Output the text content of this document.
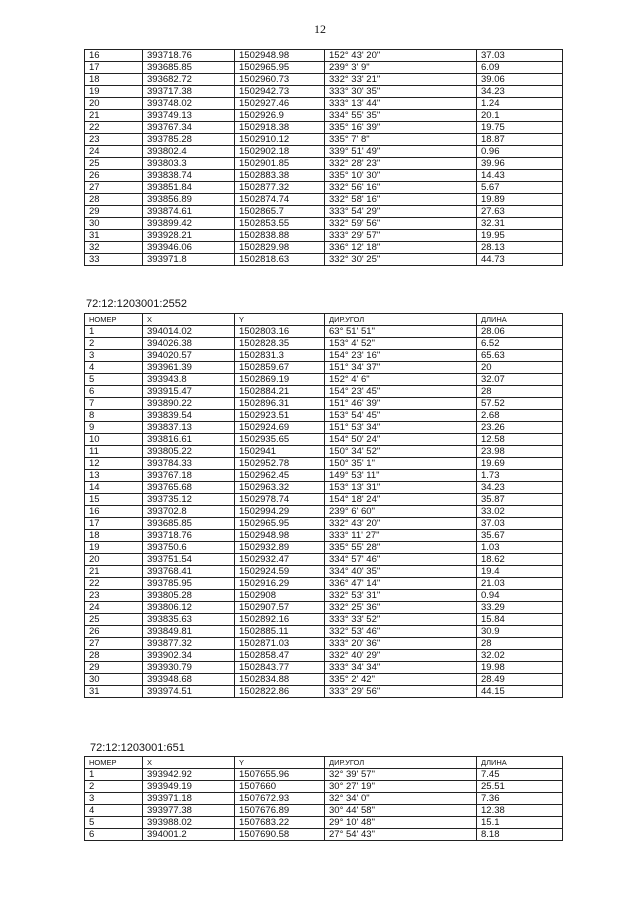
12
16	393718.76	1502948.98	152° 43' 20"	37.03
17	393685.85	1502965.95	239° 3' 9"	6.09
18	393682.72	1502960.73	332° 33' 21"	39.06
19	393717.38	1502942.73	333° 30' 35"	34.23
20	393748.02	1502927.46	333° 13' 44"	1.24
21	393749.13	1502926.9	334° 55' 35"	20.1
22	393767.34	1502918.38	335° 16' 39"	19.75
23	393785.28	1502910.12	335° 7' 8"	18.87
24	393802.4	1502902.18	339° 51' 49"	0.96
25	393803.3	1502901.85	332° 28' 23"	39.96
26	393838.74	1502883.38	335° 10' 30"	14.43
27	393851.84	1502877.32	332° 56' 16"	5.67
28	393856.89	1502874.74	332° 58' 16"	19.89
29	393874.61	1502865.7	333° 54' 29"	27.63
30	393899.42	1502853.55	332° 59' 56"	32.31
31	393928.21	1502838.88	333° 29' 57"	19.95
32	393946.06	1502829.98	336° 12' 18"	28.13
33	393971.8	1502818.63	332° 30' 25"	44.73
72:12:1203001:2552
НОМЕР	X	Y	ДИР.УГОЛ	ДЛИНА
1	394014.02	1502803.16	63° 51' 51"	28.06
2	394026.38	1502828.35	153° 4' 52"	6.52
3	394020.57	1502831.3	154° 23' 16"	65.63
4	393961.39	1502859.67	151° 34' 37"	20
5	393943.8	1502869.19	152° 4' 6"	32.07
6	393915.47	1502884.21	154° 23' 45"	28
7	393890.22	1502896.31	151° 46' 39"	57.52
8	393839.54	1502923.51	153° 54' 45"	2.68
9	393837.13	1502924.69	151° 53' 34"	23.26
10	393816.61	1502935.65	154° 50' 24"	12.58
11	393805.22	1502941	150° 34' 52"	23.98
12	393784.33	1502952.78	150° 35' 1"	19.69
13	393767.18	1502962.45	149° 53' 11"	1.73
14	393765.68	1502963.32	153° 13' 31"	34.23
15	393735.12	1502978.74	154° 18' 24"	35.87
16	393702.8	1502994.29	239° 6' 60"	33.02
17	393685.85	1502965.95	332° 43' 20"	37.03
18	393718.76	1502948.98	333° 11' 27"	35.67
19	393750.6	1502932.89	335° 55' 28"	1.03
20	393751.54	1502932.47	334° 57' 46"	18.62
21	393768.41	1502924.59	334° 40' 35"	19.4
22	393785.95	1502916.29	336° 47' 14"	21.03
23	393805.28	1502908	332° 53' 31"	0.94
24	393806.12	1502907.57	332° 25' 36"	33.29
25	393835.63	1502892.16	333° 33' 52"	15.84
26	393849.81	1502885.11	332° 53' 46"	30.9
27	393877.32	1502871.03	333° 20' 36"	28
28	393902.34	1502858.47	332° 40' 29"	32.02
29	393930.79	1502843.77	333° 34' 34"	19.98
30	393948.68	1502834.88	335° 2' 42"	28.49
31	393974.51	1502822.86	333° 29' 56"	44.15
72:12:1203001:651
НОМЕР	X	Y	ДИР.УГОЛ	ДЛИНА
1	393942.92	1507655.96	32° 39' 57"	7.45
2	393949.19	1507660	30° 27' 19"	25.51
3	393971.18	1507672.93	32° 34' 0"	7.36
4	393977.38	1507676.89	30° 44' 58"	12.38
5	393988.02	1507683.22	29° 10' 48"	15.1
6	394001.2	1507690.58	27° 54' 43"	8.18
